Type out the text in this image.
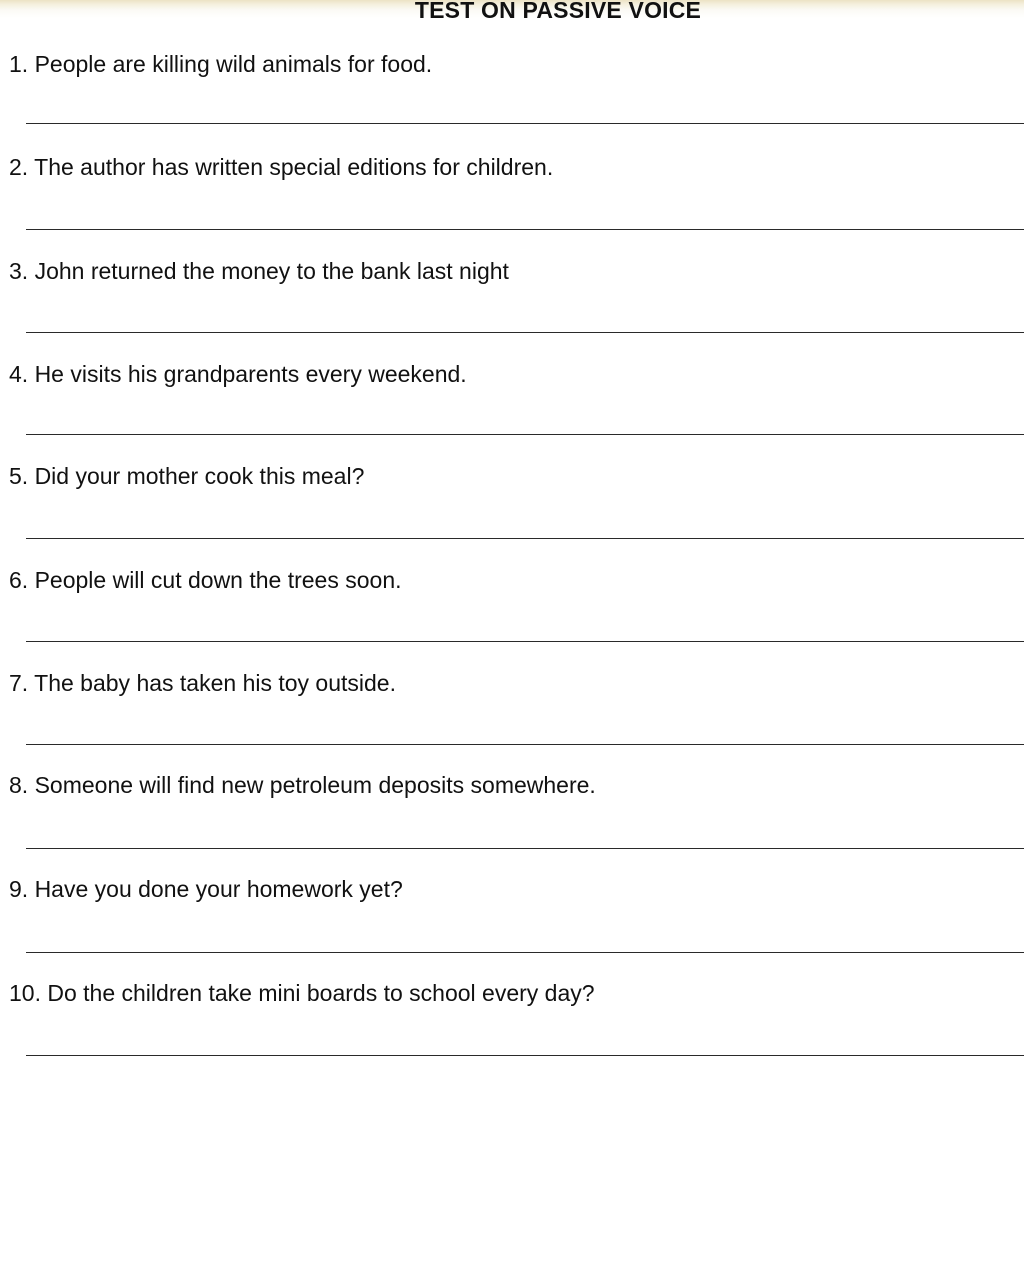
TEST ON PASSIVE VOICE
1. People are killing wild animals for food.
2. The author has written special editions for children.
3. John returned the money to the bank last night
4. He visits his grandparents every weekend.
5. Did your mother cook this meal?
6. People will cut down the trees soon.
7. The baby has taken his toy outside.
8. Someone will find new petroleum deposits somewhere.
9. Have you done your homework yet?
10. Do the children take mini boards to school every day?
